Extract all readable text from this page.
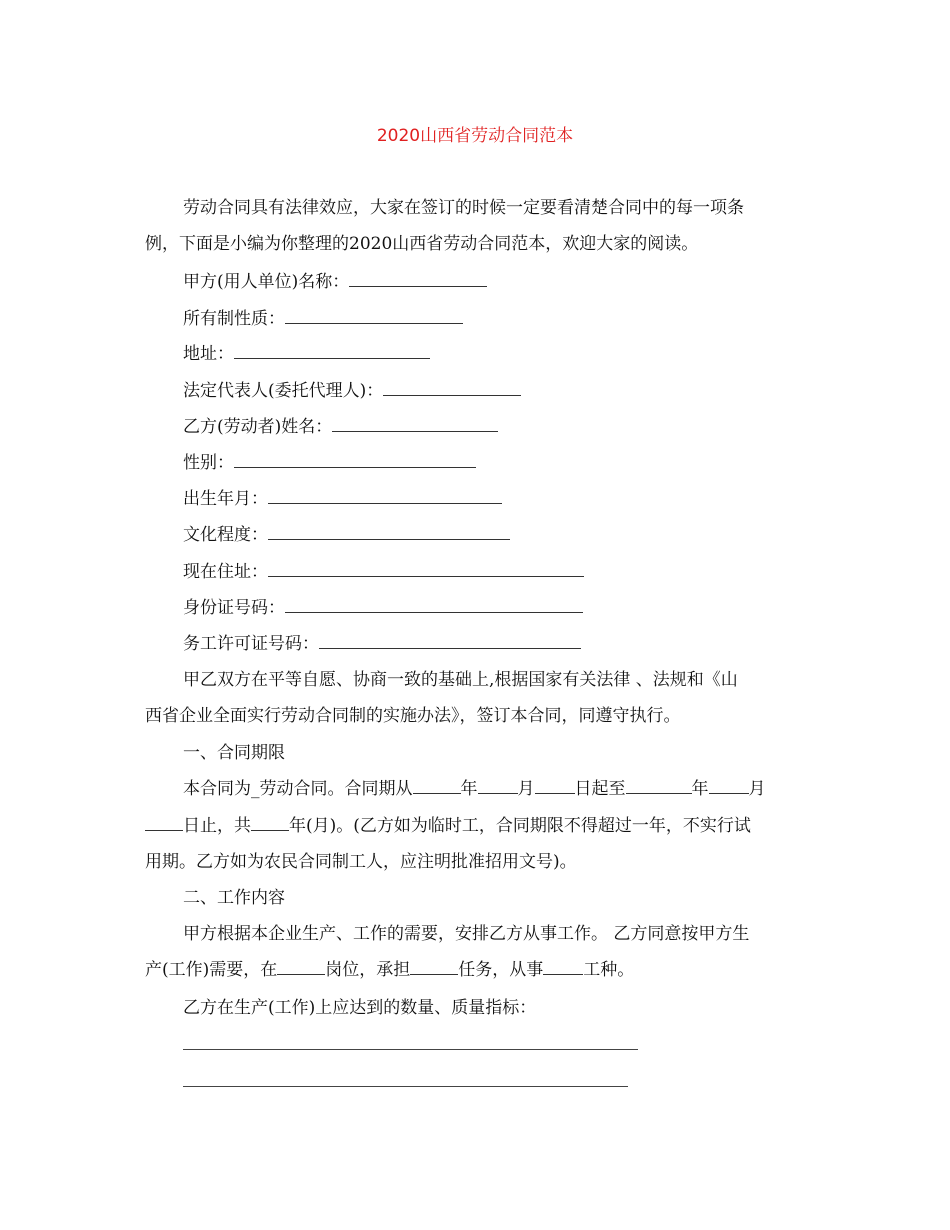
2020山西省劳动合同范本
劳动合同具有法律效应，大家在签订的时候一定要看清楚合同中的每一项条
例，下面是小编为你整理的2020山西省劳动合同范本，欢迎大家的阅读。
甲方(用人单位)名称：
所有制性质：
地址：
法定代表人(委托代理人)：
乙方(劳动者)姓名：
性别：
出生年月：
文化程度：
现在住址：
身份证号码：
务工许可证号码：
甲乙双方在平等自愿、协商一致的基础上,根据国家有关法律 、法规和《山
西省企业全面实行劳动合同制的实施办法》，签订本合同，同遵守执行。
一、合同期限
本合同为_劳动合同。合同期从	年 月 日起至	年 月
日止，共 年(月)。(乙方如为临时工，合同期限不得超过一年，不实行试
用期。乙方如为农民合同制工人，应注明批准招用文号)。
二、工作内容
甲方根据本企业生产、工作的需要，安排乙方从事工作。 乙方同意按甲方生
产(工作)需要，在	岗位，承担	任务，从事 工种。
乙方在生产(工作)上应达到的数量、质量指标：
